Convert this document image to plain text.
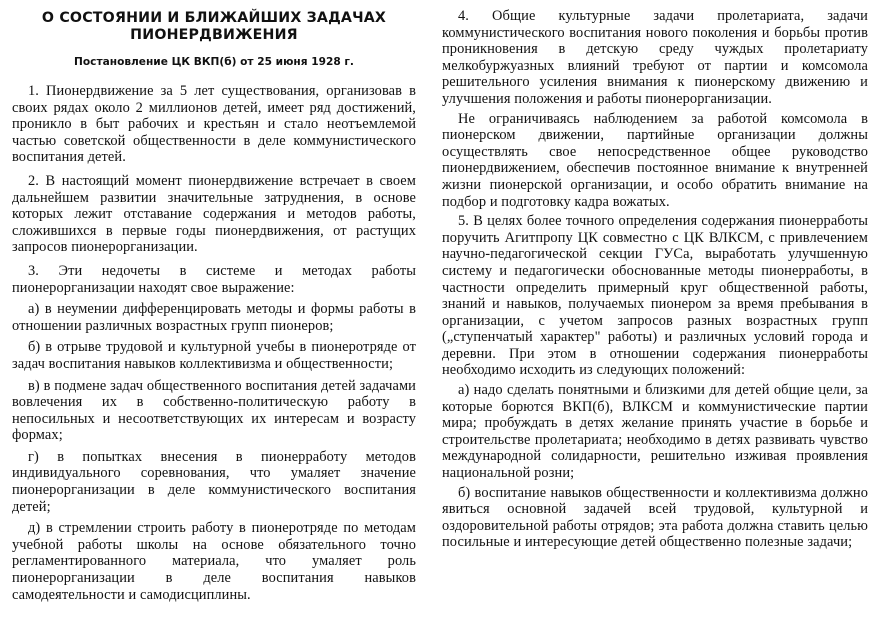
О СОСТОЯНИИ И БЛИЖАЙШИХ ЗАДАЧАХ ПИОНЕРДВИЖЕНИЯ
Постановление ЦК ВКП(б) от 25 июня 1928 г.

1. Пионердвижение за 5 лет существования, организовав в своих рядах около 2 миллионов детей, имеет ряд достижений, проникло в быт рабочих и крестьян и стало неотъемлемой частью советской общественности в деле коммунистического воспитания детей.

2. В настоящий момент пионердвижение встречает в своем дальнейшем развитии значительные затруднения, в основе которых лежит отставание содержания и методов работы, сложившихся в первые годы пионердвижения, от растущих запросов пионерорганизации.

3. Эти недочеты в системе и методах работы пионерорганизации находят свое выражение:

а) в неумении дифференцировать методы и формы работы в отношении различных возрастных групп пионеров;

б) в отрыве трудовой и культурной учебы в пионеротряде от задач воспитания навыков коллективизма и общественности;

в) в подмене задач общественного воспитания детей задачами вовлечения их в собственно-политическую работу в непосильных и несоответствующих их интересам и возрасту формах;

г) в попытках внесения в пионерработу методов индивидуального соревнования, что умаляет значение пионерорганизации в деле коммунистического воспитания детей;

д) в стремлении строить работу в пионеротряде по методам учебной работы школы на основе обязательного точно регламентированного материала, что умаляет роль пионерорганизации в деле воспитания навыков самодеятельности и самодисциплины.

4. Общие культурные задачи пролетариата, задачи коммунистического воспитания нового поколения и борьбы против проникновения в детскую среду чуждых пролетариату мелкобуржуазных влияний требуют от партии и комсомола решительного усиления внимания к пионерскому движению и улучшения положения и работы пионерорганизации.

Не ограничиваясь наблюдением за работой комсомола в пионерском движении, партийные организации должны осуществлять свое непосредственное общее руководство пионердвижением, обеспечив постоянное внимание к внутренней жизни пионерской организации, и особо обратить внимание на подбор и подготовку кадра вожатых.

5. В целях более точного определения содержания пионерработы поручить Агитпропу ЦК совместно с ЦК ВЛКСМ, с привлечением научно-педагогической секции ГУСа, выработать улучшенную систему и педагогически обоснованные методы пионерработы, в частности определить примерный круг общественной работы, знаний и навыков, получаемых пионером за время пребывания в организации, с учетом запросов разных возрастных групп („ступенчатый характер" работы) и различных условий города и деревни. При этом в отношении содержания пионерработы необходимо исходить из следующих положений:

а) надо сделать понятными и близкими для детей общие цели, за которые борются ВКП(б), ВЛКСМ и коммунистические партии мира; пробуждать в детях желание принять участие в борьбе и строительстве пролетариата; необходимо в детях развивать чувство международной солидарности, решительно изживая проявления национальной розни;

б) воспитание навыков общественности и коллективизма должно явиться основной задачей всей трудовой, культурной и оздоровительной работы отрядов; эта работа должна ставить целью посильные и интересующие детей общественно полезные задачи;
